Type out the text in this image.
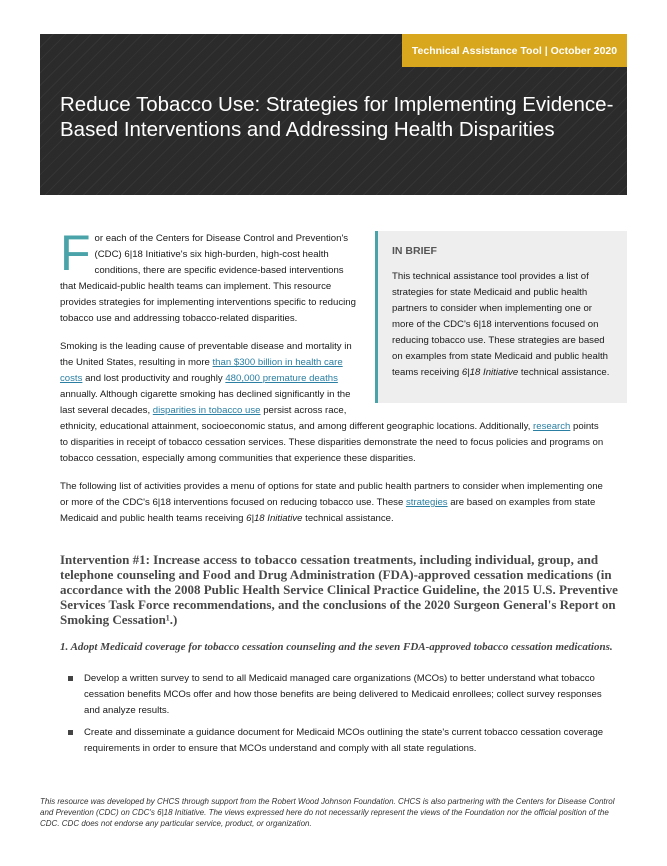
Technical Assistance Tool | October 2020
Reduce Tobacco Use: Strategies for Implementing Evidence-Based Interventions and Addressing Health Disparities

For each of the Centers for Disease Control and Prevention's (CDC) 6|18 Initiative's six high-burden, high-cost health conditions, there are specific evidence-based interventions that Medicaid-public health teams can implement. This resource provides strategies for implementing interventions specific to reducing tobacco use and addressing tobacco-related disparities.

Smoking is the leading cause of preventable disease and mortality in the United States, resulting in more than $300 billion in health care costs and lost productivity and roughly 480,000 premature deaths annually. Although cigarette smoking has declined significantly in the last several decades, disparities in tobacco use persist across race, ethnicity, educational attainment, socioeconomic status, and among different geographic locations. Additionally, research points to disparities in receipt of tobacco cessation services. These disparities demonstrate the need to focus policies and programs on tobacco cessation, especially among communities that experience these disparities.

The following list of activities provides a menu of options for state and public health partners to consider when implementing one or more of the CDC's 6|18 interventions focused on reducing tobacco use. These strategies are based on examples from state Medicaid and public health teams receiving 6|18 Initiative technical assistance.

IN BRIEF
This technical assistance tool provides a list of strategies for state Medicaid and public health partners to consider when implementing one or more of the CDC's 6|18 interventions focused on reducing tobacco use. These strategies are based on examples from state Medicaid and public health teams receiving 6|18 Initiative technical assistance.
Intervention #1: Increase access to tobacco cessation treatments, including individual, group, and telephone counseling and Food and Drug Administration (FDA)-approved cessation medications (in accordance with the 2008 Public Health Service Clinical Practice Guideline, the 2015 U.S. Preventive Services Task Force recommendations, and the conclusions of the 2020 Surgeon General's Report on Smoking Cessation¹.)
1. Adopt Medicaid coverage for tobacco cessation counseling and the seven FDA-approved tobacco cessation medications.
Develop a written survey to send to all Medicaid managed care organizations (MCOs) to better understand what tobacco cessation benefits MCOs offer and how those benefits are being delivered to Medicaid enrollees; collect survey responses and analyze results.
Create and disseminate a guidance document for Medicaid MCOs outlining the state's current tobacco cessation coverage requirements in order to ensure that MCOs understand and comply with all state regulations.

This resource was developed by CHCS through support from the Robert Wood Johnson Foundation. CHCS is also partnering with the Centers for Disease Control and Prevention (CDC) on CDC's 6|18 Initiative. The views expressed here do not necessarily represent the views of the Foundation nor the official position of the CDC. CDC does not endorse any particular service, product, or organization.
